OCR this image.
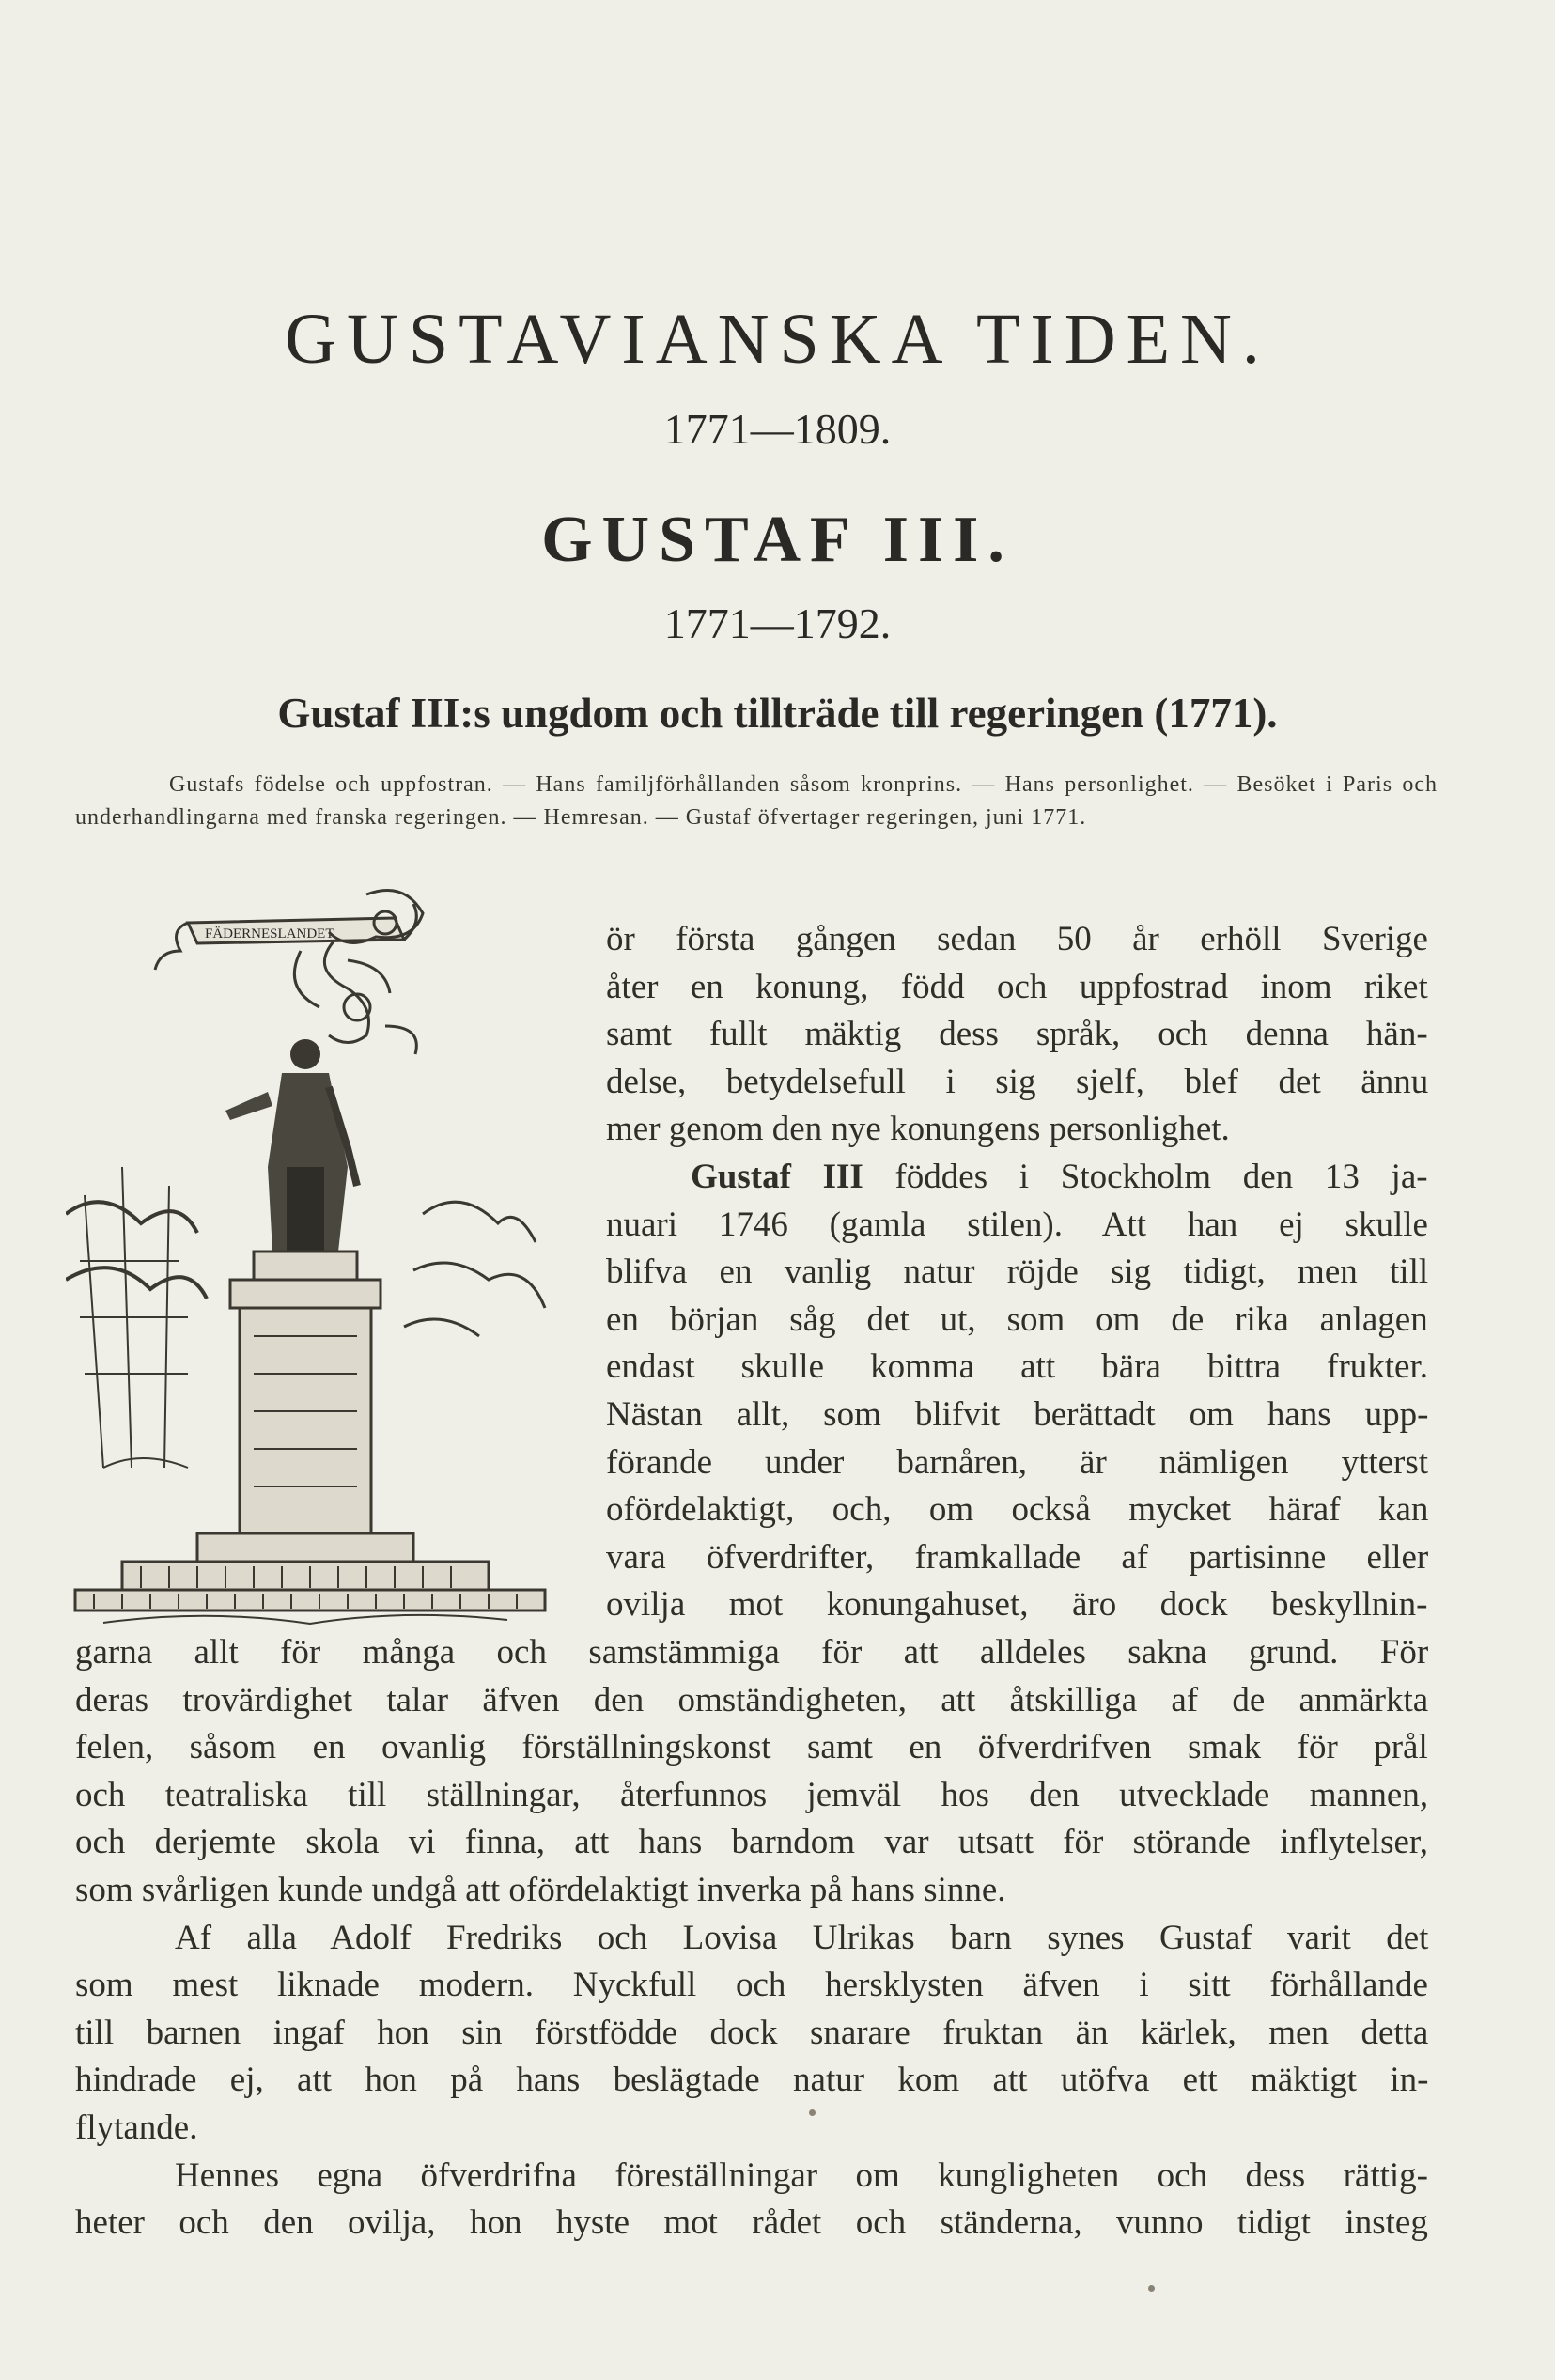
GUSTAVIANSKA TIDEN.
1771—1809.
GUSTAF III.
1771—1792.
Gustaf III:s ungdom och tillträde till regeringen (1771).

Gustafs födelse och uppfostran. — Hans familjförhållanden såsom kronprins. — Hans personlighet. — Besöket i Paris och underhandlingarna med franska regeringen. — Hemresan. — Gustaf öfvertager regeringen, juni 1771.

FÄDERNESLANDET.	ör första gången sedan 50 år erhöll Sverige
åter en konung, född och uppfostrad inom riket
samt fullt mäktig dess språk, och denna hän-
delse, betydelsefull i sig sjelf, blef det ännu
mer genom den nye konungens personlighet.
Gustaf III föddes i Stockholm den 13 ja-
nuari 1746 (gamla stilen). Att han ej skulle
blifva en vanlig natur röjde sig tidigt, men till
en början såg det ut, som om de rika anlagen
endast skulle komma att bära bittra frukter.
Nästan allt, som blifvit berättadt om hans upp-
förande under barnåren, är nämligen ytterst
ofördelaktigt, och, om också mycket häraf kan
vara öfverdrifter, framkallade af partisinne eller
ovilja mot konungahuset, äro dock beskyllnin-
garna allt för många och samstämmiga för att alldeles sakna grund. För
deras trovärdighet talar äfven den omständigheten, att åtskilliga af de anmärkta
felen, såsom en ovanlig förställningskonst samt en öfverdrifven smak för prål
och teatraliska till ställningar, återfunnos jemväl hos den utvecklade mannen,
och derjemte skola vi finna, att hans barndom var utsatt för störande inflytelser,
som svårligen kunde undgå att ofördelaktigt inverka på hans sinne.
Af alla Adolf Fredriks och Lovisa Ulrikas barn synes Gustaf varit det
som mest liknade modern. Nyckfull och hersklysten äfven i sitt förhållande
till barnen ingaf hon sin förstfödde dock snarare fruktan än kärlek, men detta
hindrade ej, att hon på hans beslägtade natur kom att utöfva ett mäktigt in-
flytande.
Hennes egna öfverdrifna föreställningar om kungligheten och dess rättig-
heter och den ovilja, hon hyste mot rådet och ständerna, vunno tidigt insteg
